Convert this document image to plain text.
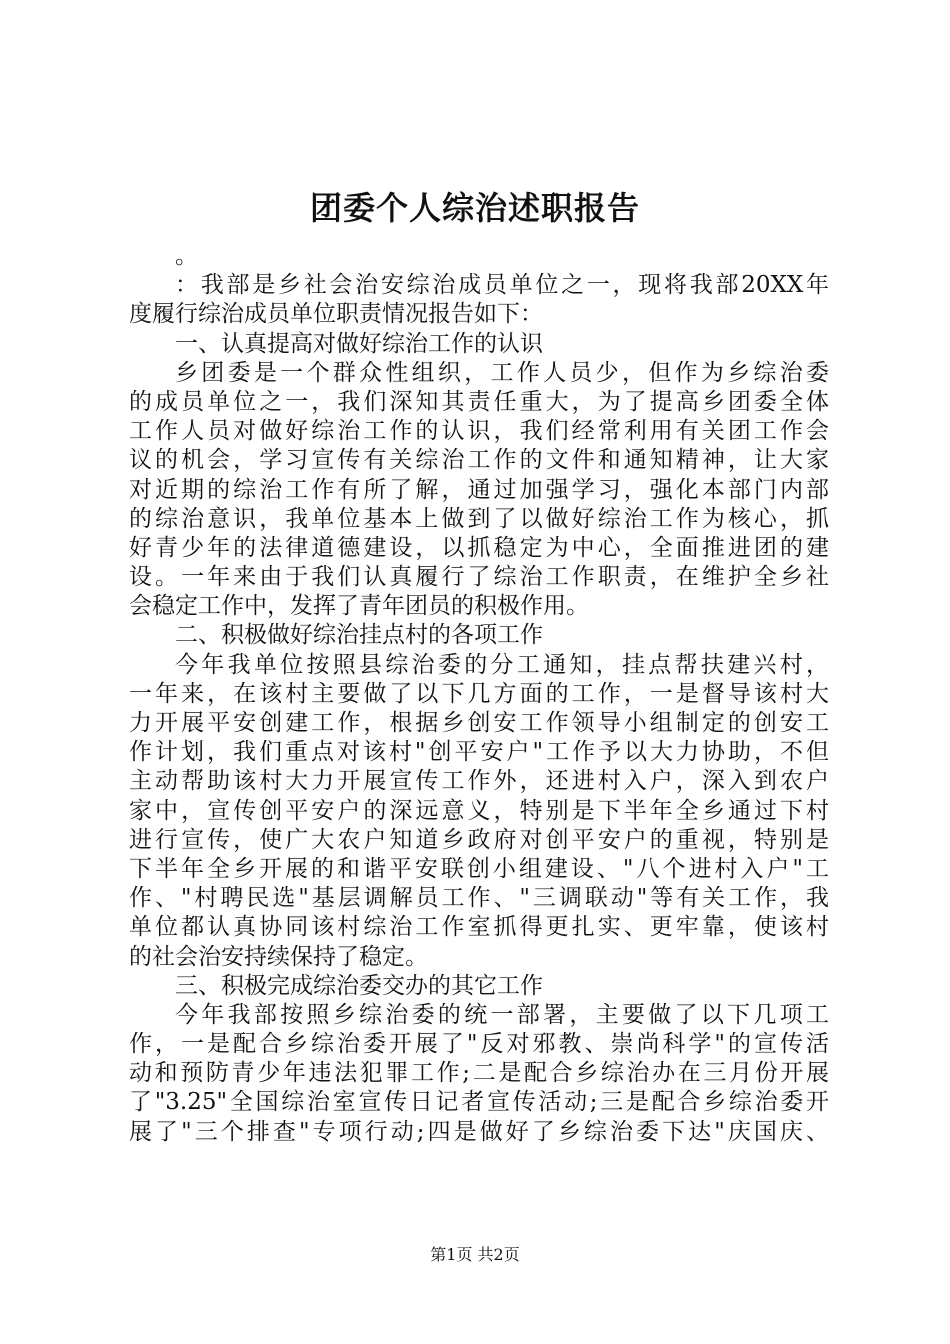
团委个人综治述职报告
。
：我部是乡社会治安综治成员单位之一，现将我部20XX年
度履行综治成员单位职责情况报告如下：
一、认真提高对做好综治工作的认识
乡团委是一个群众性组织，工作人员少，但作为乡综治委
的成员单位之一，我们深知其责任重大，为了提高乡团委全体
工作人员对做好综治工作的认识，我们经常利用有关团工作会
议的机会，学习宣传有关综治工作的文件和通知精神，让大家
对近期的综治工作有所了解，通过加强学习，强化本部门内部
的综治意识，我单位基本上做到了以做好综治工作为核心，抓
好青少年的法律道德建设，以抓稳定为中心，全面推进团的建
设。一年来由于我们认真履行了综治工作职责，在维护全乡社
会稳定工作中，发挥了青年团员的积极作用。
二、积极做好综治挂点村的各项工作
今年我单位按照县综治委的分工通知，挂点帮扶建兴村，
一年来，在该村主要做了以下几方面的工作，一是督导该村大
力开展平安创建工作，根据乡创安工作领导小组制定的创安工
作计划，我们重点对该村"创平安户"工作予以大力协助，不但
主动帮助该村大力开展宣传工作外，还进村入户，深入到农户
家中，宣传创平安户的深远意义，特别是下半年全乡通过下村
进行宣传，使广大农户知道乡政府对创平安户的重视，特别是
下半年全乡开展的和谐平安联创小组建设、"八个进村入户"工
作、"村聘民选"基层调解员工作、"三调联动"等有关工作，我
单位都认真协同该村综治工作室抓得更扎实、更牢靠，使该村
的社会治安持续保持了稳定。
三、积极完成综治委交办的其它工作
今年我部按照乡综治委的统一部署，主要做了以下几项工
作，一是配合乡综治委开展了"反对邪教、崇尚科学"的宣传活
动和预防青少年违法犯罪工作;二是配合乡综治办在三月份开展
了"3.25"全国综治室宣传日记者宣传活动;三是配合乡综治委开
展了"三个排查"专项行动;四是做好了乡综治委下达"庆国庆、
第1页 共2页
